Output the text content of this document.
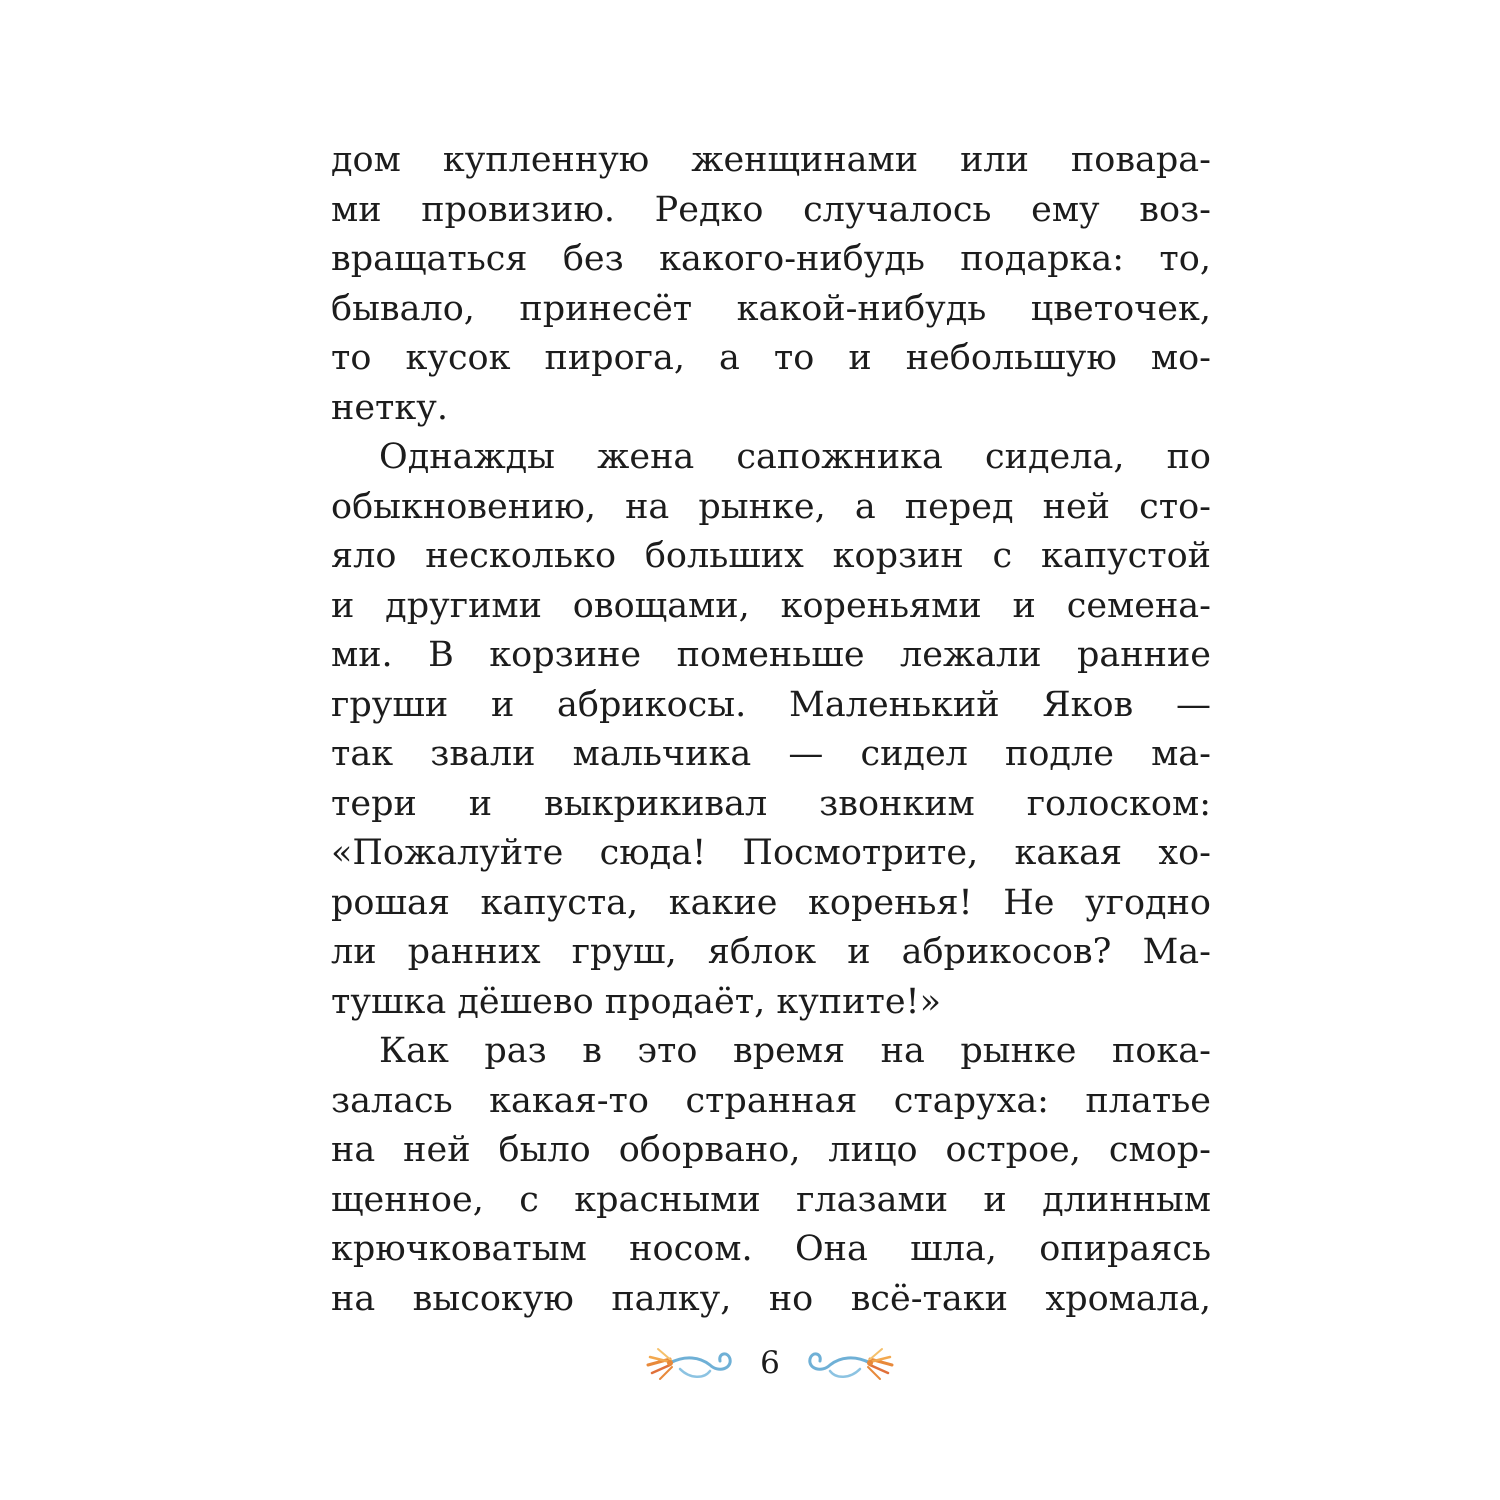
дом купленную женщинами или повара-
ми провизию. Редко случалось ему воз-
вращаться без какого-нибудь подарка: то,
бывало, принесёт какой-нибудь цветочек,
то кусок пирога, а то и небольшую мо-
нетку.
Однажды жена сапожника сидела, по
обыкновению, на рынке, а перед ней сто-
яло несколько больших корзин с капустой
и другими овощами, кореньями и семена-
ми. В корзине поменьше лежали ранние
груши и абрикосы. Маленький Яков —
так звали мальчика — сидел подле ма-
тери и выкрикивал звонким голоском:
«Пожалуйте сюда! Посмотрите, какая хо-
рошая капуста, какие коренья! Не угодно
ли ранних груш, яблок и абрикосов? Ма-
тушка дёшево продаёт, купите!»
Как раз в это время на рынке пока-
залась какая-то странная старуха: платье
на ней было оборвано, лицо острое, смор-
щенное, с красными глазами и длинным
крючковатым носом. Она шла, опираясь
на высокую палку, но всё-таки хромала,
6
